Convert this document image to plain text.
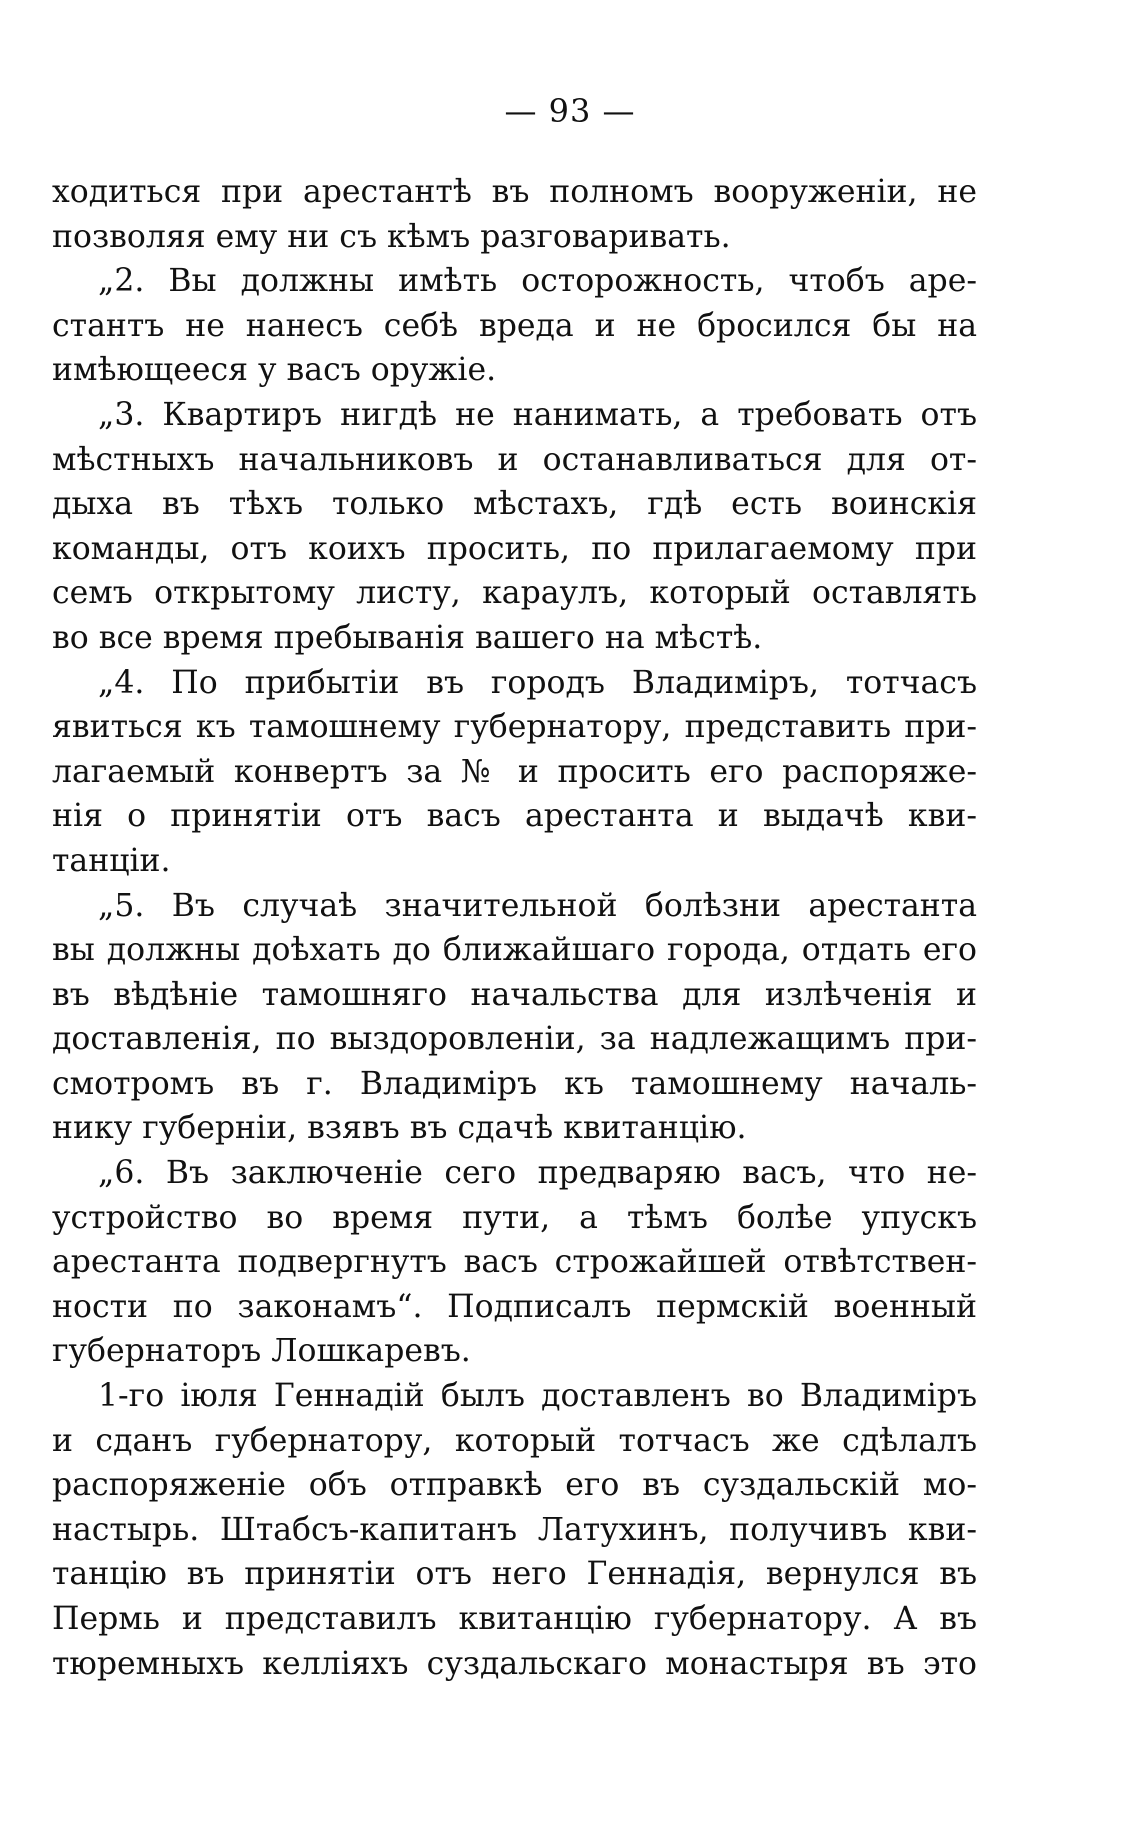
— 93 —
ходиться при арестантѣ въ полномъ вооруженіи, не
позволяя ему ни съ кѣмъ разговаривать.
„2. Вы должны имѣть осторожность, чтобъ аре-
стантъ не нанесъ себѣ вреда и не бросился бы на
имѣющееся у васъ оружіе.
„3. Квартиръ нигдѣ не нанимать, а требовать отъ
мѣстныхъ начальниковъ и останавливаться для от-
дыха въ тѣхъ только мѣстахъ, гдѣ есть воинскія
команды, отъ коихъ просить, по прилагаемому при
семъ открытому листу, караулъ, который оставлять
во все время пребыванія вашего на мѣстѣ.
„4. По прибытіи въ городъ Владиміръ, тотчасъ
явиться къ тамошнему губернатору, представить при-
лагаемый конвертъ за № и просить его распоряже-
нія о принятіи отъ васъ арестанта и выдачѣ кви-
танціи.
„5. Въ случаѣ значительной болѣзни арестанта
вы должны доѣхать до ближайшаго города, отдать его
въ вѣдѣніе тамошняго начальства для излѣченія и
доставленія, по выздоровленіи, за надлежащимъ при-
смотромъ въ г. Владиміръ къ тамошнему началь-
нику губерніи, взявъ въ сдачѣ квитанцію.
„6. Въ заключеніе сего предваряю васъ, что не-
устройство во время пути, а тѣмъ болѣе упускъ
арестанта подвергнутъ васъ строжайшей отвѣтствен-
ности по законамъ“. Подписалъ пермскій военный
губернаторъ Лошкаревъ.
1-го іюля Геннадій былъ доставленъ во Владиміръ
и сданъ губернатору, который тотчасъ же сдѣлалъ
распоряженіе объ отправкѣ его въ суздальскій мо-
настырь. Штабсъ-капитанъ Латухинъ, получивъ кви-
танцію въ принятіи отъ него Геннадія, вернулся въ
Пермь и представилъ квитанцію губернатору. А въ
тюремныхъ келліяхъ суздальскаго монастыря въ это
